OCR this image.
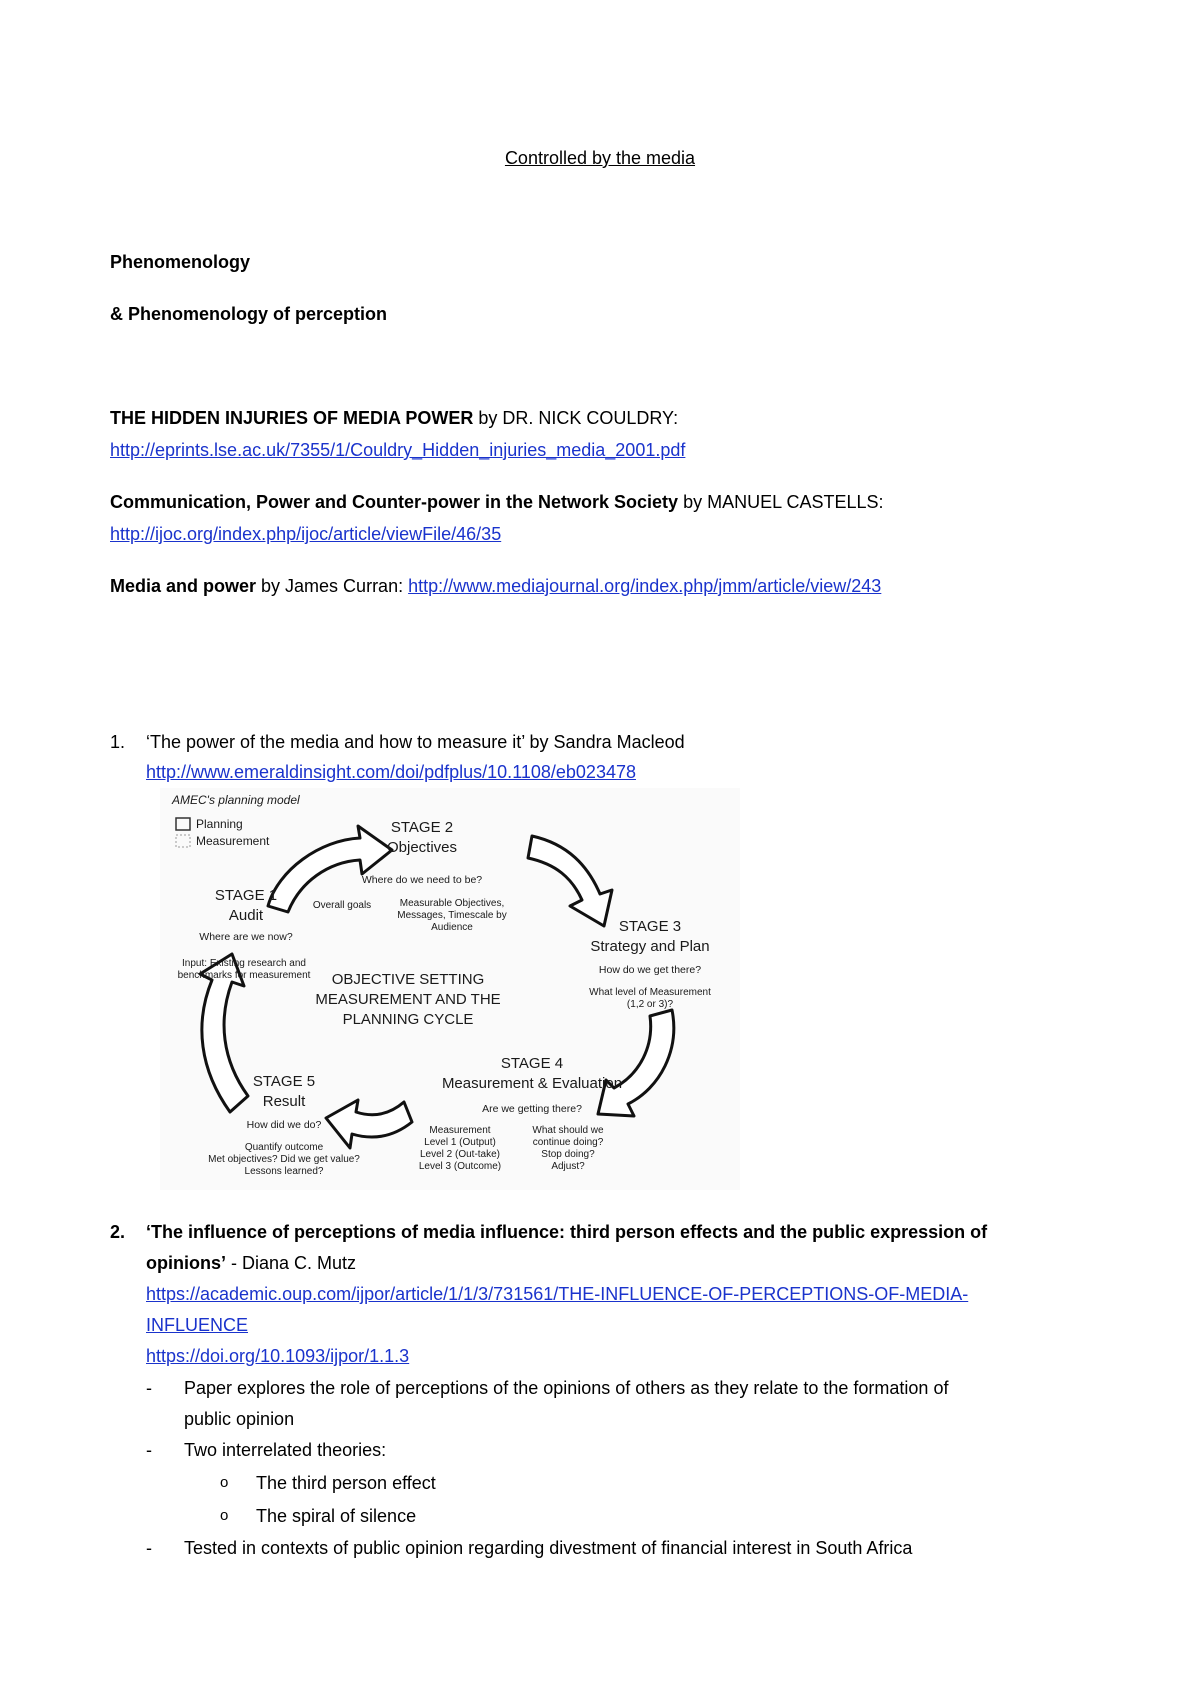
Controlled by the media
Phenomenology
& Phenomenology of perception
THE HIDDEN INJURIES OF MEDIA POWER by DR. NICK COULDRY:
http://eprints.lse.ac.uk/7355/1/Couldry_Hidden_injuries_media_2001.pdf
Communication, Power and Counter-power in the Network Society by MANUEL CASTELLS:
http://ijoc.org/index.php/ijoc/article/viewFile/46/35
Media and power by James Curran: http://www.mediajournal.org/index.php/jmm/article/view/243
1. ‘The power of the media and how to measure it’ by Sandra Macleod
http://www.emeraldinsight.com/doi/pdfplus/10.1108/eb023478
AMEC's planning model
Planning
Measurement
STAGE 2
Objectives
Where do we need to be?
Overall goals	Measurable Objectives,
Messages, Timescale by
Audience
STAGE 1
Audit
Where are we now?
Input: Existing research and
benchmarks for measurement
STAGE 3
Strategy and Plan
How do we get there?
What level of Measurement
(1,2 or 3)?
OBJECTIVE SETTING
MEASUREMENT AND THE
PLANNING CYCLE
STAGE 4
Measurement & Evaluation
Are we getting there?
Measurement
Level 1 (Output)
Level 2 (Out-take)
Level 3 (Outcome)
What should we
continue doing?
Stop doing?
Adjust?
STAGE 5
Result
How did we do?
Quantify outcome
Met objectives? Did we get value?
Lessons learned?
2. ‘The influence of perceptions of media influence: third person effects and the public expression of
opinions’ - Diana C. Mutz
https://academic.oup.com/ijpor/article/1/1/3/731561/THE-INFLUENCE-OF-PERCEPTIONS-OF-MEDIA-
INFLUENCE
https://doi.org/10.1093/ijpor/1.1.3
- Paper explores the role of perceptions of the opinions of others as they relate to the formation of
public opinion
- Two interrelated theories:
o The third person effect
o The spiral of silence
- Tested in contexts of public opinion regarding divestment of financial interest in South Africa
